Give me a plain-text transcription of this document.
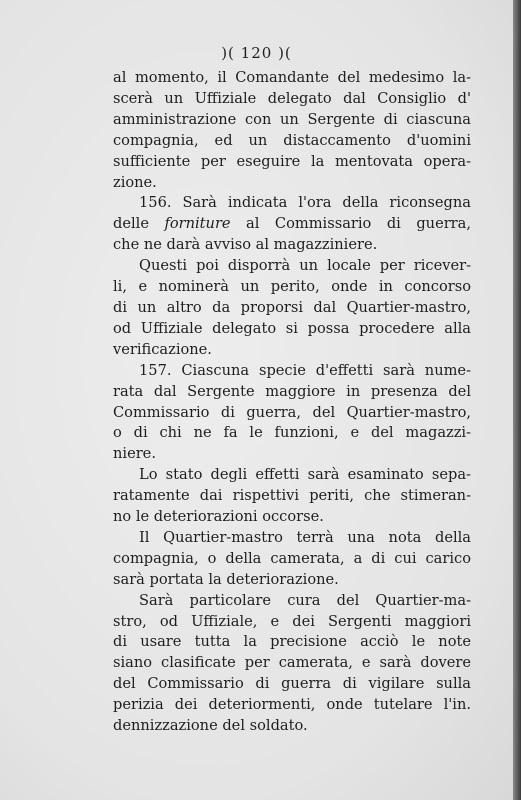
)( 120 )(
al momento, il Comandante del medesimo la-
scerà un Uffiziale delegato dal Consiglio d'
amministrazione con un Sergente di ciascuna
compagnia, ed un distaccamento d'uomini
sufficiente per eseguire la mentovata opera-
zione.
156. Sarà indicata l'ora della riconsegna
delle forniture al Commissario di guerra,
che ne darà avviso al magazziniere.
Questi poi disporrà un locale per ricever-
li, e nominerà un perito, onde in concorso
di un altro da proporsi dal Quartier-mastro,
od Uffiziale delegato si possa procedere alla
verificazione.
157. Ciascuna specie d'effetti sarà nume-
rata dal Sergente maggiore in presenza del
Commissario di guerra, del Quartier-mastro,
o di chi ne fa le funzioni, e del magazzi-
niere.
Lo stato degli effetti sarà esaminato sepa-
ratamente dai rispettivi periti, che stimeran-
no le deteriorazioni occorse.
Il Quartier-mastro terrà una nota della
compagnia, o della camerata, a di cui carico
sarà portata la deteriorazione.
Sarà particolare cura del Quartier-ma-
stro, od Uffiziale, e dei Sergenti maggiori
di usare tutta la precisione acciò le note
siano clasificate per camerata, e sarà dovere
del Commissario di guerra di vigilare sulla
perizia dei deteriormenti, onde tutelare l'in.
dennizzazione del soldato.
